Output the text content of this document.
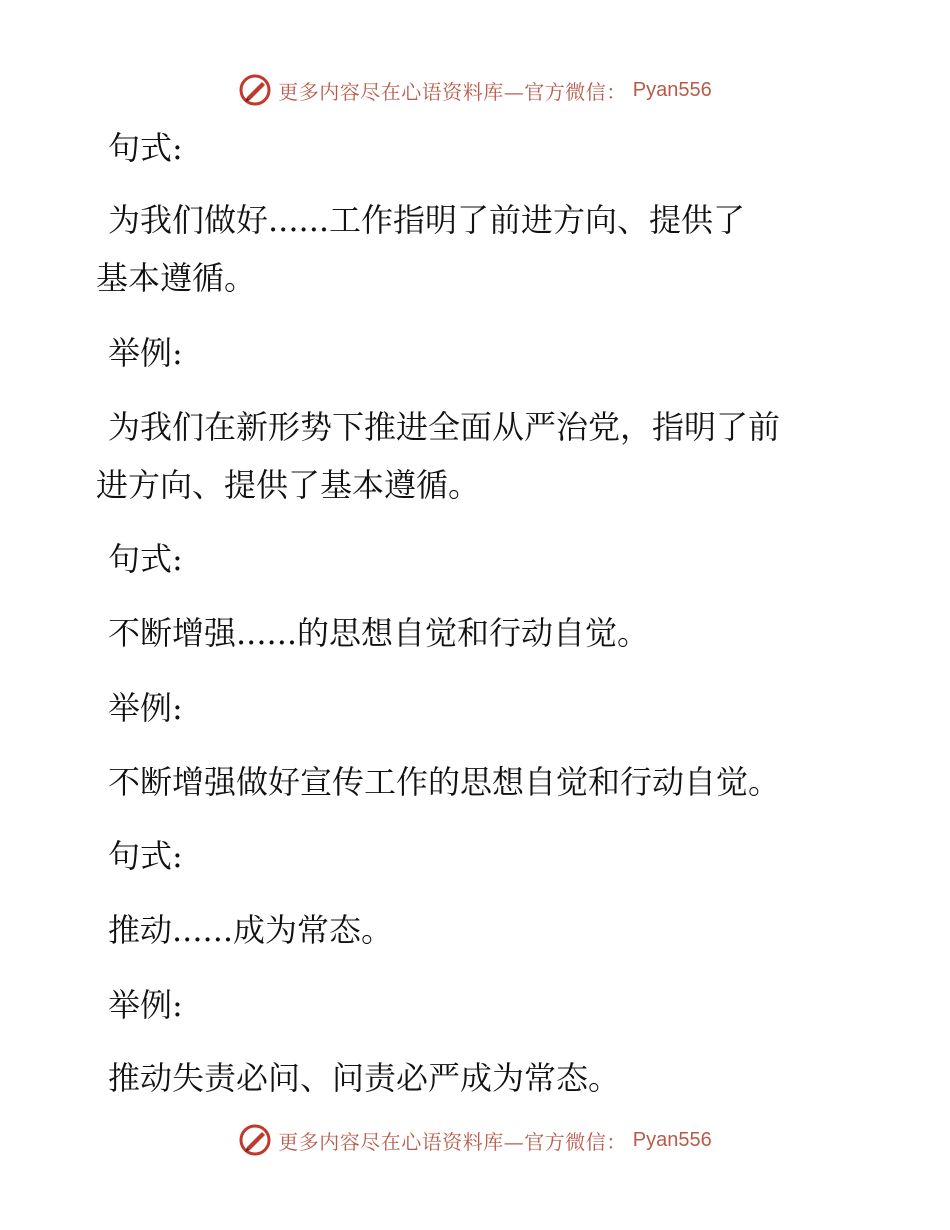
更多内容尽在心语资料库—官方微信： Pyan556
句式:
为我们做好......工作指明了前进方向、提供了
基本遵循。
举例:
为我们在新形势下推进全面从严治党，指明了前
进方向、提供了基本遵循。
句式:
不断增强......的思想自觉和行动自觉。
举例:
不断增强做好宣传工作的思想自觉和行动自觉。
句式:
推动......成为常态。
举例:
推动失责必问、问责必严成为常态。
更多内容尽在心语资料库—官方微信： Pyan556
